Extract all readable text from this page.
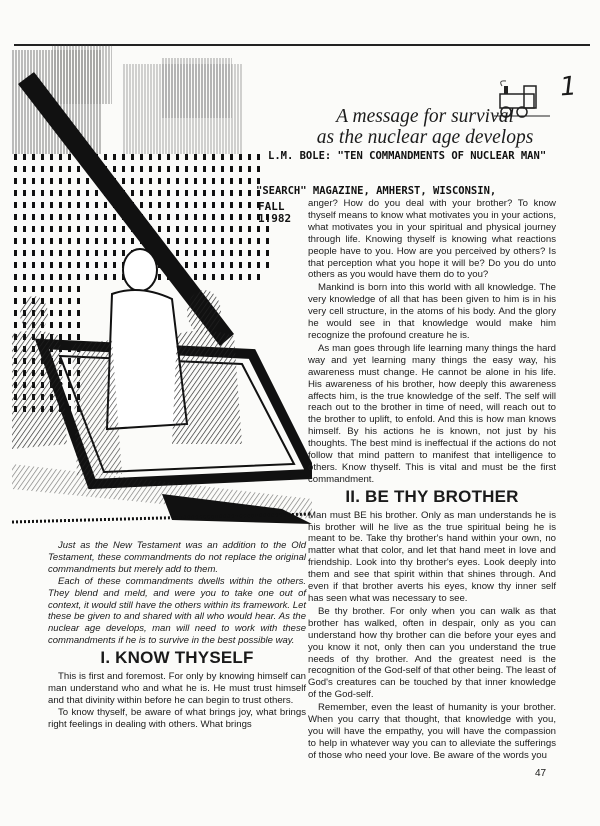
1
A message for survival
as the nuclear age develops
L.M. BOLE: "TEN COMMANDMENTS OF NUCLEAR MAN"
"SEARCH" MAGAZINE, AMHERST, WISCONSIN,
FALL
1.982

anger? How do you deal with your brother? To know thyself means to know what motivates you in your actions, what motivates you in your spiritual and physical journey through life. Knowing thyself is knowing what reactions people have to you. How are you perceived by others? Is that perception what you hope it will be? Do you do unto others as you would have them do to you?

Mankind is born into this world with all knowledge. The very knowledge of all that has been given to him is in his very cell structure, in the atoms of his body. And the glory he would see in that knowledge would make him recognize the profound creature he is.

As man goes through life learning many things the hard way and yet learning many things the easy way, his awareness must change. He cannot be alone in his life. His awareness of his brother, how deeply this awareness affects him, is the true knowledge of the self. The self will reach out to the brother in time of need, will reach out to the brother to uplift, to enfold. And this is how man knows himself. By his actions he is known, not just by his thoughts. The best mind is ineffectual if the actions do not follow that mind pattern to manifest that intelligence to others. Know thyself. This is vital and must be the first commandment.

II. BE THY BROTHER

Man must BE his brother. Only as man understands he is his brother will he live as the true spiritual being he is meant to be. Take thy brother's hand within your own, no matter what that color, and let that hand meet in love and friendship. Look into thy brother's eyes. Look deeply into them and see that spirit within that shines through. And even if that brother averts his eyes, know thy inner self has seen what was necessary to see.

Be thy brother. For only when you can walk as that brother has walked, often in despair, only as you can understand how thy brother can die before your eyes and you know it not, only then can you understand the true needs of thy brother. And the greatest need is the recognition of the God-self of that other being. The least of God's creatures can be touched by that inner knowledge of the God-self.

Remember, even the least of humanity is your brother. When you carry that thought, that knowledge with you, you will have the empathy, you will have the compassion to help in whatever way you can to alleviate the sufferings of those who need your love. Be aware of the words you

Just as the New Testament was an addition to the Old Testament, these commandments do not replace the original commandments but merely add to them.

Each of these commandments dwells within the others. They blend and meld, and were you to take one out of context, it would still have the others within its framework. Let these be given to and shared with all who would hear. As the nuclear age develops, man will need to work with these commandments if he is to survive in the best possible way.

I. KNOW THYSELF

This is first and foremost. For only by knowing himself can man understand who and what he is. He must trust himself and that divinity within before he can begin to trust others.

To know thyself, be aware of what brings joy, what brings right feelings in dealing with others. What brings

47
